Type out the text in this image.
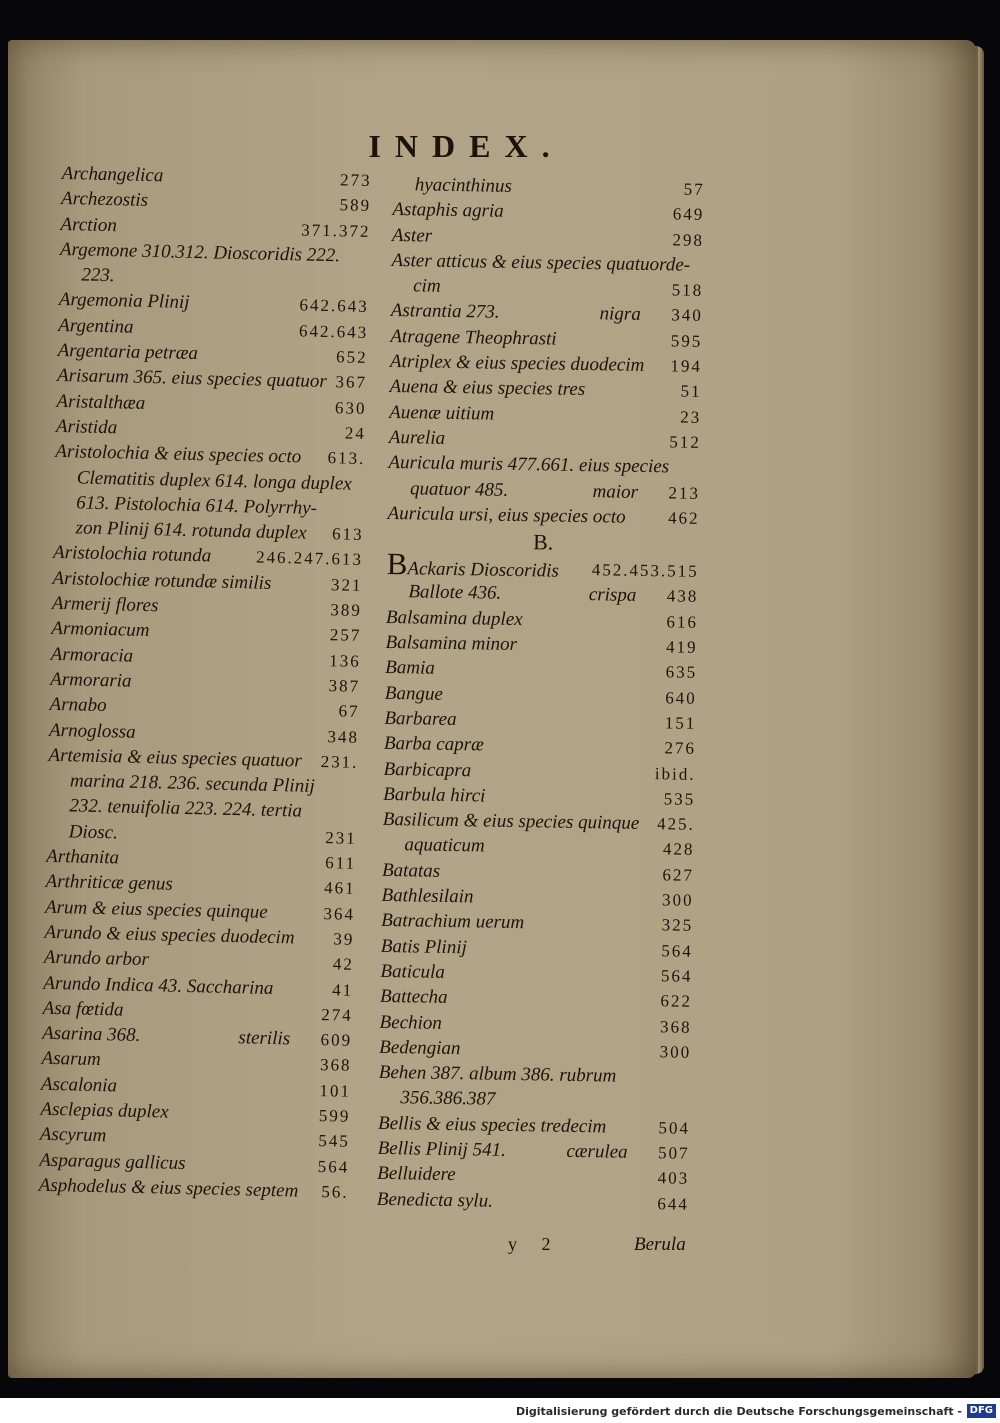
INDEX.
Archangelica	273
Archezostis	589
Arction	371.372
Argemone 310.312. Dioscoridis 222.
223.
Argemonia Plinij	642.643
Argentina	642.643
Argentaria petræa	652
Arisarum 365. eius species quatuor 367
Aristalthæa	630
Aristida	24
Aristolochia & eius species octo 613.
Clematitis duplex 614. longa duplex
613. Pistolochia 614. Polyrrhy-
zon Plinij 614. rotunda duplex 613
Aristolochia rotunda	246.247.613
Aristolochiæ rotundæ similis	321
Armerij flores	389
Armoniacum	257
Armoracia	136
Armoraria	387
Arnabo	67
Arnoglossa	348
Artemisia & eius species quatuor 231.
marina 218. 236. secunda Plinij
232. tenuifolia 223. 224. tertia
Diosc.	231
Arthanita	611
Arthriticæ genus	461
Arum & eius species quinque	364
Arundo & eius species duodecim 39
Arundo arbor	42
Arundo Indica 43. Saccharina	41
Asa fœtida	274
Asarina 368.	sterilis 609
Asarum	368
Ascalonia	101
Asclepias duplex	599
Ascyrum	545
Asparagus gallicus	564
Asphodelus & eius species septem 56.
hyacinthinus	57
Astaphis agria	649
Aster	298
Aster atticus & eius species quatuorde-
cim	518
Astrantia 273.	nigra 340
Atragene Theophrasti	595
Atriplex & eius species duodecim 194
Auena & eius species tres	51
Auenæ uitium	23
Aurelia	512
Auricula muris 477.661. eius species
quatuor 485.	maior 213
Auricula ursi, eius species octo 462
B.
BAckaris Dioscoridis 452.453.515
Ballote 436.	crispa 438
Balsamina duplex	616
Balsamina minor	419
Bamia	635
Bangue	640
Barbarea	151
Barba capræ	276
Barbicapra	ibid.
Barbula hirci	535
Basilicum & eius species quinque 425.
aquaticum	428
Batatas	627
Bathlesilain	300
Batrachium uerum	325
Batis Plinij	564
Baticula	564
Battecha	622
Bechion	368
Bedengian	300
Behen 387. album 386. rubrum
356.386.387
Bellis & eius species tredecim	504
Bellis Plinij 541.	cærulea 507
Belluidere	403
Benedicta sylu.	644
y 2	Berula
Digitalisierung gefördert durch die Deutsche Forschungsgemeinschaft - DFG
